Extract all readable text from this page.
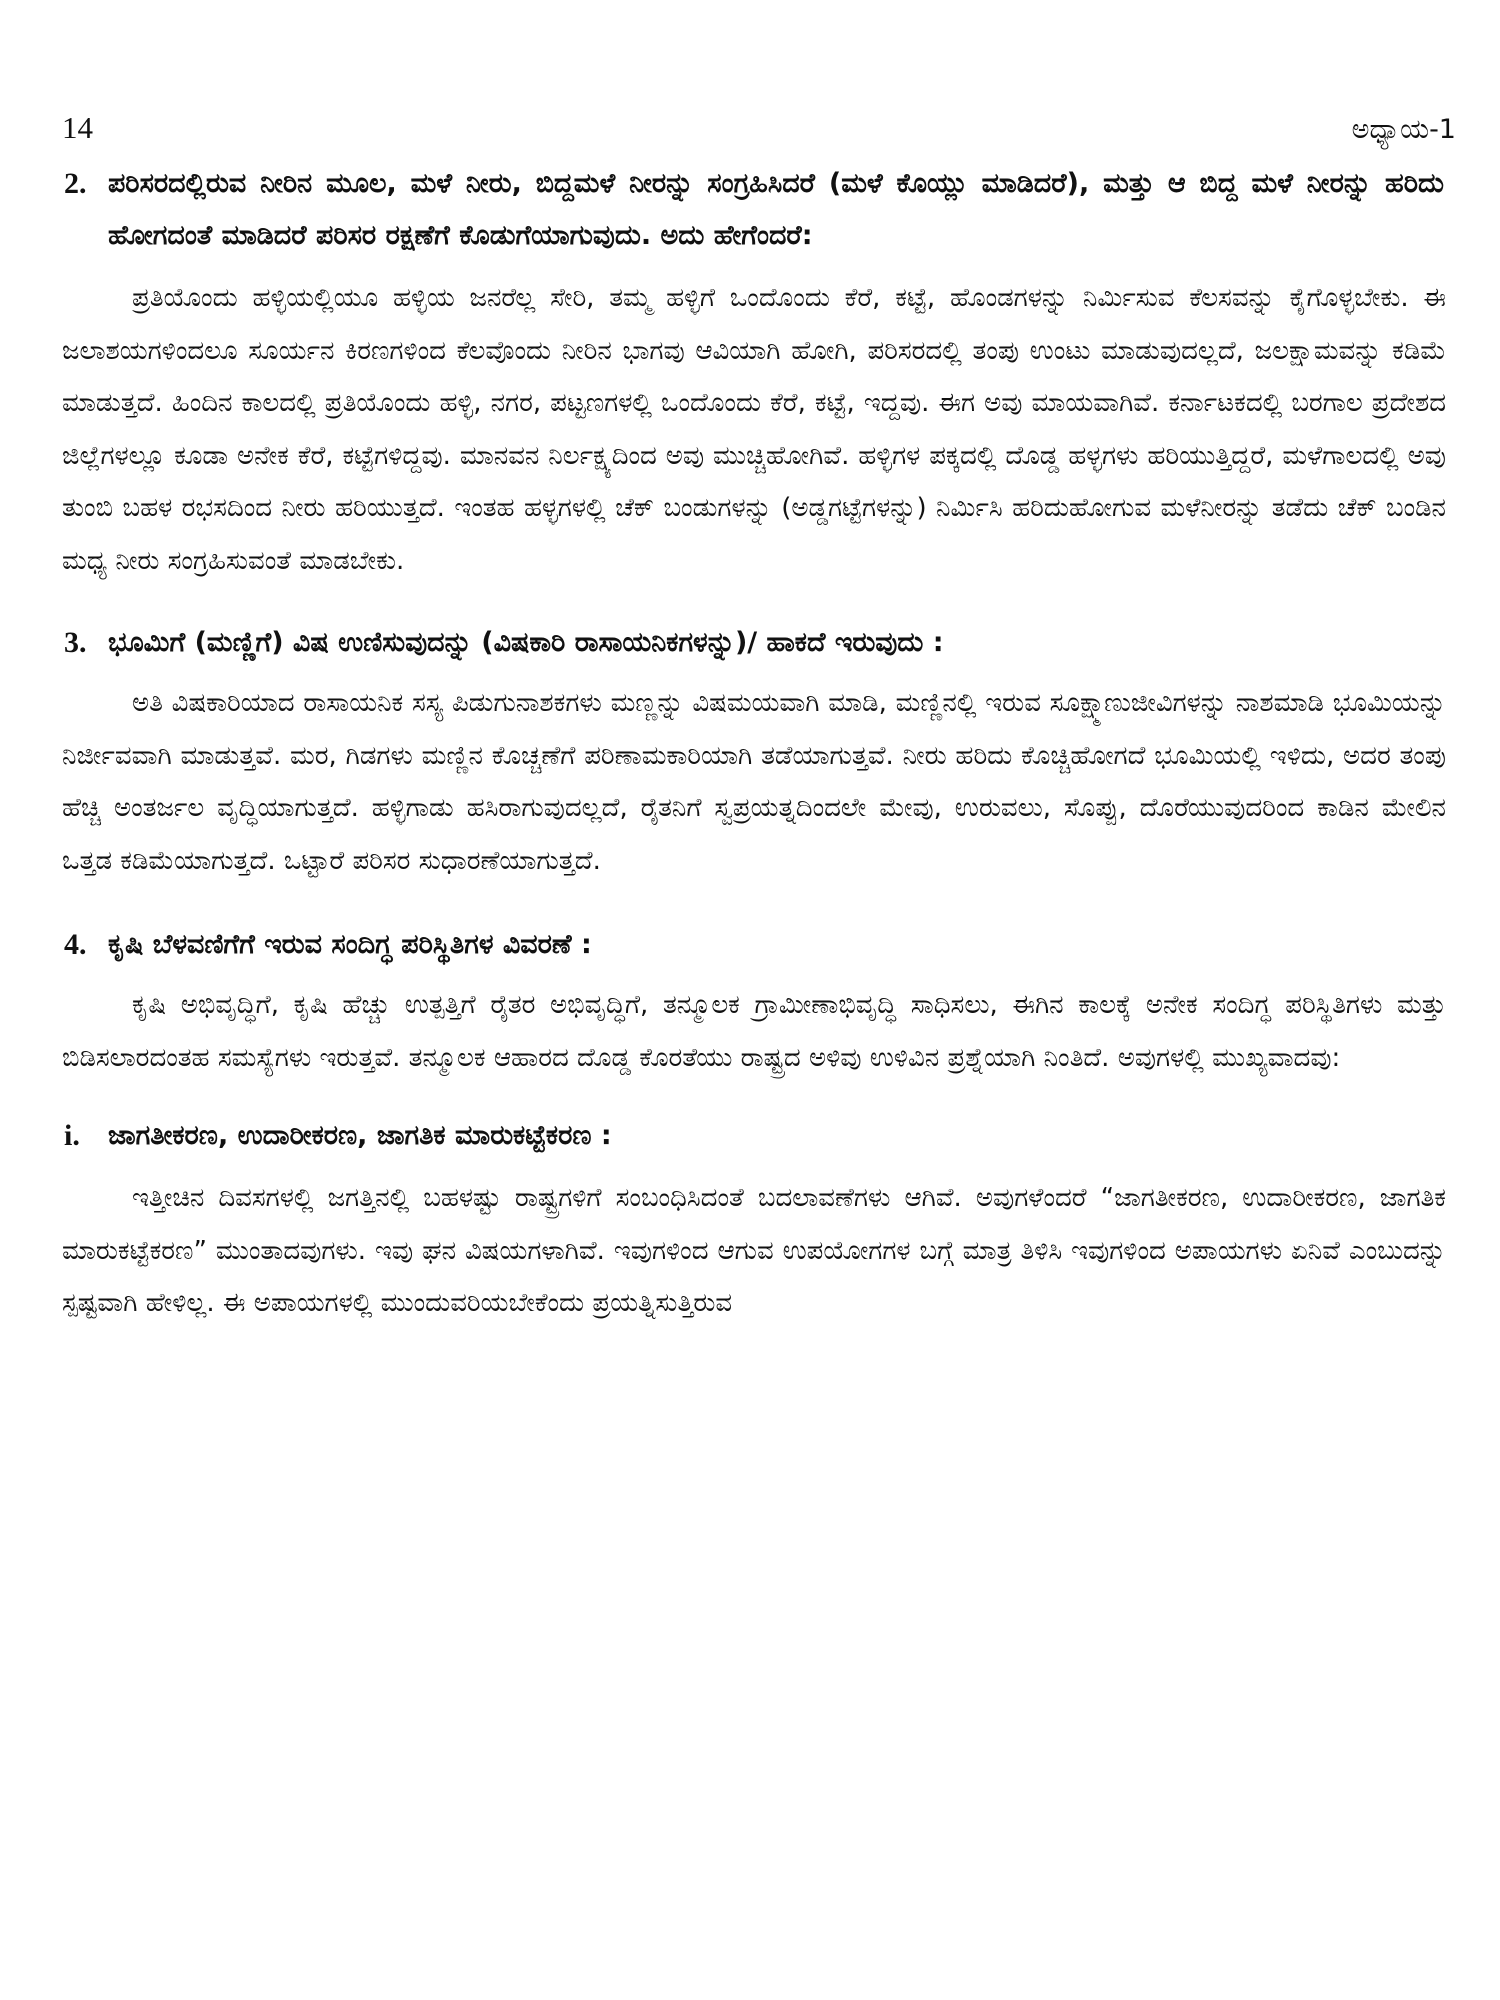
14	ಅಧ್ಯಾಯ-1
2. ಪರಿಸರದಲ್ಲಿರುವ ನೀರಿನ ಮೂಲ, ಮಳೆ ನೀರು, ಬಿದ್ದಮಳೆ ನೀರನ್ನು ಸಂಗ್ರಹಿಸಿದರೆ (ಮಳೆ ಕೊಯ್ಲು ಮಾಡಿದರೆ), ಮತ್ತು ಆ ಬಿದ್ದ ಮಳೆ ನೀರನ್ನು ಹರಿದು ಹೋಗದಂತೆ ಮಾಡಿದರೆ ಪರಿಸರ ರಕ್ಷಣೆಗೆ ಕೊಡುಗೆಯಾಗುವುದು. ಅದು ಹೇಗೆಂದರೆ:

ಪ್ರತಿಯೊಂದು ಹಳ್ಳಿಯಲ್ಲಿಯೂ ಹಳ್ಳಿಯ ಜನರೆಲ್ಲ ಸೇರಿ, ತಮ್ಮ ಹಳ್ಳಿಗೆ ಒಂದೊಂದು ಕೆರೆ, ಕಟ್ಟೆ, ಹೊಂಡಗಳನ್ನು ನಿರ್ಮಿಸುವ ಕೆಲಸವನ್ನು ಕೈಗೊಳ್ಳಬೇಕು. ಈ ಜಲಾಶಯಗಳಿಂದಲೂ ಸೂರ್ಯನ ಕಿರಣಗಳಿಂದ ಕೆಲವೊಂದು ನೀರಿನ ಭಾಗವು ಆವಿಯಾಗಿ ಹೋಗಿ, ಪರಿಸರದಲ್ಲಿ ತಂಪು ಉಂಟು ಮಾಡುವುದಲ್ಲದೆ, ಜಲಕ್ಷಾಮವನ್ನು ಕಡಿಮೆ ಮಾಡುತ್ತದೆ. ಹಿಂದಿನ ಕಾಲದಲ್ಲಿ ಪ್ರತಿಯೊಂದು ಹಳ್ಳಿ, ನಗರ, ಪಟ್ಟಣಗಳಲ್ಲಿ ಒಂದೊಂದು ಕೆರೆ, ಕಟ್ಟೆ, ಇದ್ದವು. ಈಗ ಅವು ಮಾಯವಾಗಿವೆ. ಕರ್ನಾಟಕದಲ್ಲಿ ಬರಗಾಲ ಪ್ರದೇಶದ ಜಿಲ್ಲೆಗಳಲ್ಲೂ ಕೂಡಾ ಅನೇಕ ಕೆರೆ, ಕಟ್ಟೆಗಳಿದ್ದವು. ಮಾನವನ ನಿರ್ಲಕ್ಷ್ಯದಿಂದ ಅವು ಮುಚ್ಚಿಹೋಗಿವೆ. ಹಳ್ಳಿಗಳ ಪಕ್ಕದಲ್ಲಿ ದೊಡ್ಡ ಹಳ್ಳಗಳು ಹರಿಯುತ್ತಿದ್ದರೆ, ಮಳೆಗಾಲದಲ್ಲಿ ಅವು ತುಂಬಿ ಬಹಳ ರಭಸದಿಂದ ನೀರು ಹರಿಯುತ್ತದೆ. ಇಂತಹ ಹಳ್ಳಗಳಲ್ಲಿ ಚೆಕ್ ಬಂಡುಗಳನ್ನು (ಅಡ್ಡಗಟ್ಟೆಗಳನ್ನು) ನಿರ್ಮಿಸಿ ಹರಿದುಹೋಗುವ ಮಳೆನೀರನ್ನು ತಡೆದು ಚೆಕ್ ಬಂಡಿನ ಮಧ್ಯ ನೀರು ಸಂಗ್ರಹಿಸುವಂತೆ ಮಾಡಬೇಕು.

3. ಭೂಮಿಗೆ (ಮಣ್ಣಿಗೆ) ವಿಷ ಉಣಿಸುವುದನ್ನು (ವಿಷಕಾರಿ ರಾಸಾಯನಿಕಗಳನ್ನು)/ ಹಾಕದೆ ಇರುವುದು :

ಅತಿ ವಿಷಕಾರಿಯಾದ ರಾಸಾಯನಿಕ ಸಸ್ಯ ಪಿಡುಗುನಾಶಕಗಳು ಮಣ್ಣನ್ನು ವಿಷಮಯವಾಗಿ ಮಾಡಿ, ಮಣ್ಣಿನಲ್ಲಿ ಇರುವ ಸೂಕ್ಷ್ಮಾಣುಜೀವಿಗಳನ್ನು ನಾಶಮಾಡಿ ಭೂಮಿಯನ್ನು ನಿರ್ಜೀವವಾಗಿ ಮಾಡುತ್ತವೆ. ಮರ, ಗಿಡಗಳು ಮಣ್ಣಿನ ಕೊಚ್ಚಣೆಗೆ ಪರಿಣಾಮಕಾರಿಯಾಗಿ ತಡೆಯಾಗುತ್ತವೆ. ನೀರು ಹರಿದು ಕೊಚ್ಚಿಹೋಗದೆ ಭೂಮಿಯಲ್ಲಿ ಇಳಿದು, ಅದರ ತಂಪು ಹೆಚ್ಚಿ ಅಂತರ್ಜಲ ವೃದ್ಧಿಯಾಗುತ್ತದೆ. ಹಳ್ಳಿಗಾಡು ಹಸಿರಾಗುವುದಲ್ಲದೆ, ರೈತನಿಗೆ ಸ್ವಪ್ರಯತ್ನದಿಂದಲೇ ಮೇವು, ಉರುವಲು, ಸೊಪ್ಪು, ದೊರೆಯುವುದರಿಂದ ಕಾಡಿನ ಮೇಲಿನ ಒತ್ತಡ ಕಡಿಮೆಯಾಗುತ್ತದೆ. ಒಟ್ಟಾರೆ ಪರಿಸರ ಸುಧಾರಣೆಯಾಗುತ್ತದೆ.

4. ಕೃಷಿ ಬೆಳವಣಿಗೆಗೆ ಇರುವ ಸಂದಿಗ್ಧ ಪರಿಸ್ಥಿತಿಗಳ ವಿವರಣೆ :

ಕೃಷಿ ಅಭಿವೃದ್ಧಿಗೆ, ಕೃಷಿ ಹೆಚ್ಚು ಉತ್ಪತ್ತಿಗೆ ರೈತರ ಅಭಿವೃದ್ಧಿಗೆ, ತನ್ಮೂಲಕ ಗ್ರಾಮೀಣಾಭಿವೃದ್ಧಿ ಸಾಧಿಸಲು, ಈಗಿನ ಕಾಲಕ್ಕೆ ಅನೇಕ ಸಂದಿಗ್ಧ ಪರಿಸ್ಥಿತಿಗಳು ಮತ್ತು ಬಿಡಿಸಲಾರದಂತಹ ಸಮಸ್ಯೆಗಳು ಇರುತ್ತವೆ. ತನ್ಮೂಲಕ ಆಹಾರದ ದೊಡ್ಡ ಕೊರತೆಯು ರಾಷ್ಟ್ರದ ಅಳಿವು ಉಳಿವಿನ ಪ್ರಶ್ನೆಯಾಗಿ ನಿಂತಿದೆ. ಅವುಗಳಲ್ಲಿ ಮುಖ್ಯವಾದವು:

i.	ಜಾಗತೀಕರಣ, ಉದಾರೀಕರಣ, ಜಾಗತಿಕ ಮಾರುಕಟ್ಟೆಕರಣ :

ಇತ್ತೀಚಿನ ದಿವಸಗಳಲ್ಲಿ ಜಗತ್ತಿನಲ್ಲಿ ಬಹಳಷ್ಟು ರಾಷ್ಟ್ರಗಳಿಗೆ ಸಂಬಂಧಿಸಿದಂತೆ ಬದಲಾವಣೆಗಳು ಆಗಿವೆ. ಅವುಗಳೆಂದರೆ “ಜಾಗತೀಕರಣ, ಉದಾರೀಕರಣ, ಜಾಗತಿಕ ಮಾರುಕಟ್ಟೆಕರಣ” ಮುಂತಾದವುಗಳು. ಇವು ಘನ ವಿಷಯಗಳಾಗಿವೆ. ಇವುಗಳಿಂದ ಆಗುವ ಉಪಯೋಗಗಳ ಬಗ್ಗೆ ಮಾತ್ರ ತಿಳಿಸಿ ಇವುಗಳಿಂದ ಅಪಾಯಗಳು ಏನಿವೆ ಎಂಬುದನ್ನು ಸ್ಪಷ್ಟವಾಗಿ ಹೇಳಿಲ್ಲ. ಈ ಅಪಾಯಗಳಲ್ಲಿ ಮುಂದುವರಿಯಬೇಕೆಂದು ಪ್ರಯತ್ನಿಸುತ್ತಿರುವ
